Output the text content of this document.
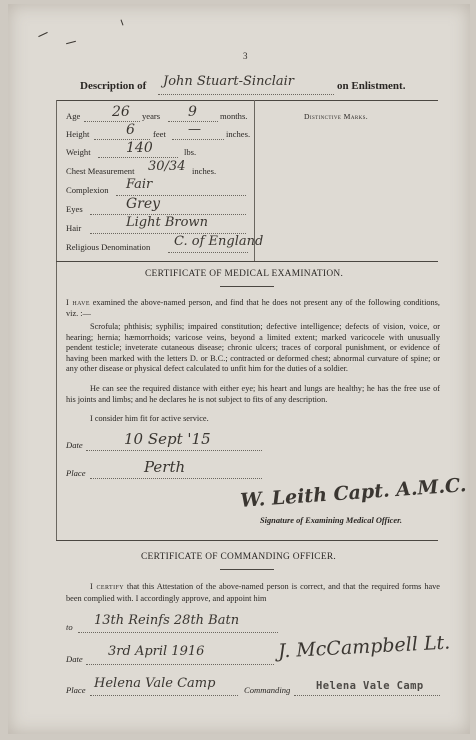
3
Description of John Stuart-Sinclair	on Enlistment.
Distinctive Marks.
Age 26 years 9	months.
Height	6 feet —	inches.
Weight	140	lbs.
Chest Measurement 30/34 inches.
Complexion Fair
Eyes	Grey
Hair	Light Brown
Religious Denomination C. of England
CERTIFICATE OF MEDICAL EXAMINATION.
I have examined the above-named person, and find that he does not present any of the following conditions, viz. :—
Scrofula; phthisis; syphilis; impaired constitution; defective intelligence; defects of vision, voice, or hearing; hernia; hæmorrhoids; varicose veins, beyond a limited extent; marked varicocele with unusually pendent testicle; inveterate cutaneous disease; chronic ulcers; traces of corporal punishment, or evidence of having been marked with the letters D. or B.C.; contracted or deformed chest; abnormal curvature of spine; or any other disease or physical defect calculated to unfit him for the duties of a soldier.
He can see the required distance with either eye; his heart and lungs are healthy; he has the free use of his joints and limbs; and he declares he is not subject to fits of any description.
I consider him fit for active service.
Date	10 Sept '15
Place	Perth
W. Leith Capt. A.M.C.
Signature of Examining Medical Officer.
CERTIFICATE OF COMMANDING OFFICER.
I certify that this Attestation of the above-named person is correct, and that the required forms have been complied with. I accordingly approve, and appoint him
to 13th Reinfs 28th Batn
Date 3rd April 1916	J. McCampbell Lt.
Place Helena Vale Camp	Commanding Helena Vale Camp
